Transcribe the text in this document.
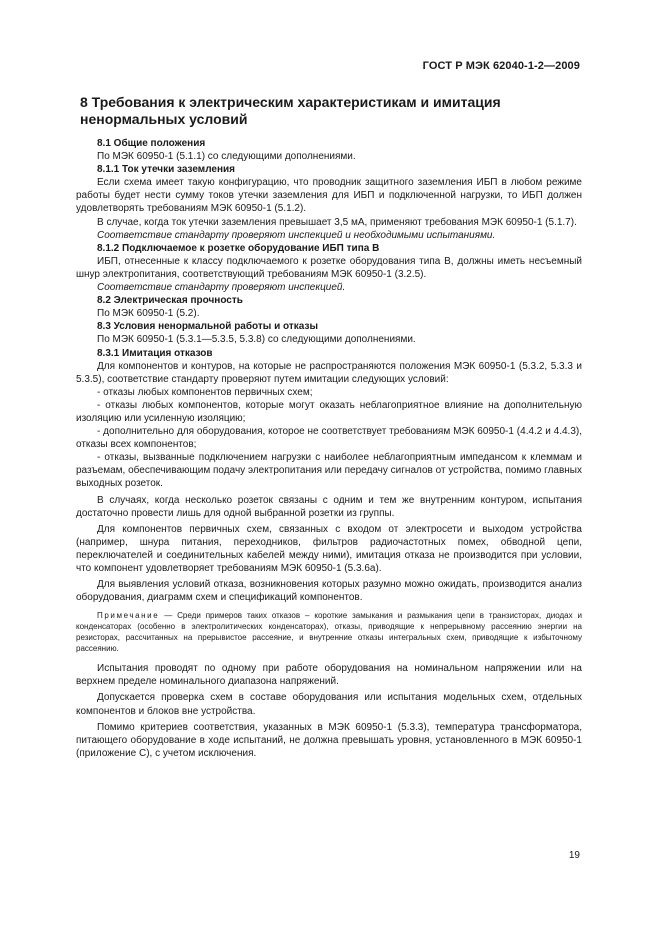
ГОСТ Р МЭК 62040-1-2—2009
8 Требования к электрическим характеристикам и имитация ненормальных условий

8.1 Общие положения

По МЭК 60950-1 (5.1.1) со следующими дополнениями.

8.1.1 Ток утечки заземления

Если схема имеет такую конфигурацию, что проводник защитного заземления ИБП в любом режиме работы будет нести сумму токов утечки заземления для ИБП и подключенной нагрузки, то ИБП должен удовлетворять требованиям МЭК 60950-1 (5.1.2).

В случае, когда ток утечки заземления превышает 3,5 мА, применяют требования МЭК 60950-1 (5.1.7).

Соответствие стандарту проверяют инспекцией и необходимыми испытаниями.

8.1.2 Подключаемое к розетке оборудование ИБП типа В

ИБП, отнесенные к классу подключаемого к розетке оборудования типа В, должны иметь несъемный шнур электропитания, соответствующий требованиям МЭК 60950-1 (3.2.5).

Соответствие стандарту проверяют инспекцией.

8.2 Электрическая прочность

По МЭК 60950-1 (5.2).

8.3 Условия ненормальной работы и отказы

По МЭК 60950-1 (5.3.1—5.3.5, 5.3.8) со следующими дополнениями.

8.3.1 Имитация отказов

Для компонентов и контуров, на которые не распространяются положения МЭК 60950-1 (5.3.2, 5.3.3 и 5.3.5), соответствие стандарту проверяют путем имитации следующих условий:

- отказы любых компонентов первичных схем;

- отказы любых компонентов, которые могут оказать неблагоприятное влияние на дополнительную изоляцию или усиленную изоляцию;

- дополнительно для оборудования, которое не соответствует требованиям МЭК 60950-1 (4.4.2 и 4.4.3), отказы всех компонентов;

- отказы, вызванные подключением нагрузки с наиболее неблагоприятным импедансом к клеммам и разъемам, обеспечивающим подачу электропитания или передачу сигналов от устройства, помимо главных выходных розеток.

В случаях, когда несколько розеток связаны с одним и тем же внутренним контуром, испытания достаточно провести лишь для одной выбранной розетки из группы.

Для компонентов первичных схем, связанных с входом от электросети и выходом устройства (например, шнура питания, переходников, фильтров радиочастотных помех, обводной цепи, переключателей и соединительных кабелей между ними), имитация отказа не производится при условии, что компонент удовлетворяет требованиям МЭК 60950-1 (5.3.6а).

Для выявления условий отказа, возникновения которых разумно можно ожидать, производится анализ оборудования, диаграмм схем и спецификаций компонентов.

Примечание — Среди примеров таких отказов – короткие замыкания и размыкания цепи в транзисторах, диодах и конденсаторах (особенно в электролитических конденсаторах), отказы, приводящие к непрерывному рассеянию энергии на резисторах, рассчитанных на прерывистое рассеяние, и внутренние отказы интегральных схем, приводящие к избыточному рассеянию.

Испытания проводят по одному при работе оборудования на номинальном напряжении или на верхнем пределе номинального диапазона напряжений.

Допускается проверка схем в составе оборудования или испытания модельных схем, отдельных компонентов и блоков вне устройства.

Помимо критериев соответствия, указанных в МЭК 60950-1 (5.3.3), температура трансформатора, питающего оборудование в ходе испытаний, не должна превышать уровня, установленного в МЭК 60950-1 (приложение С), с учетом исключения.

19
